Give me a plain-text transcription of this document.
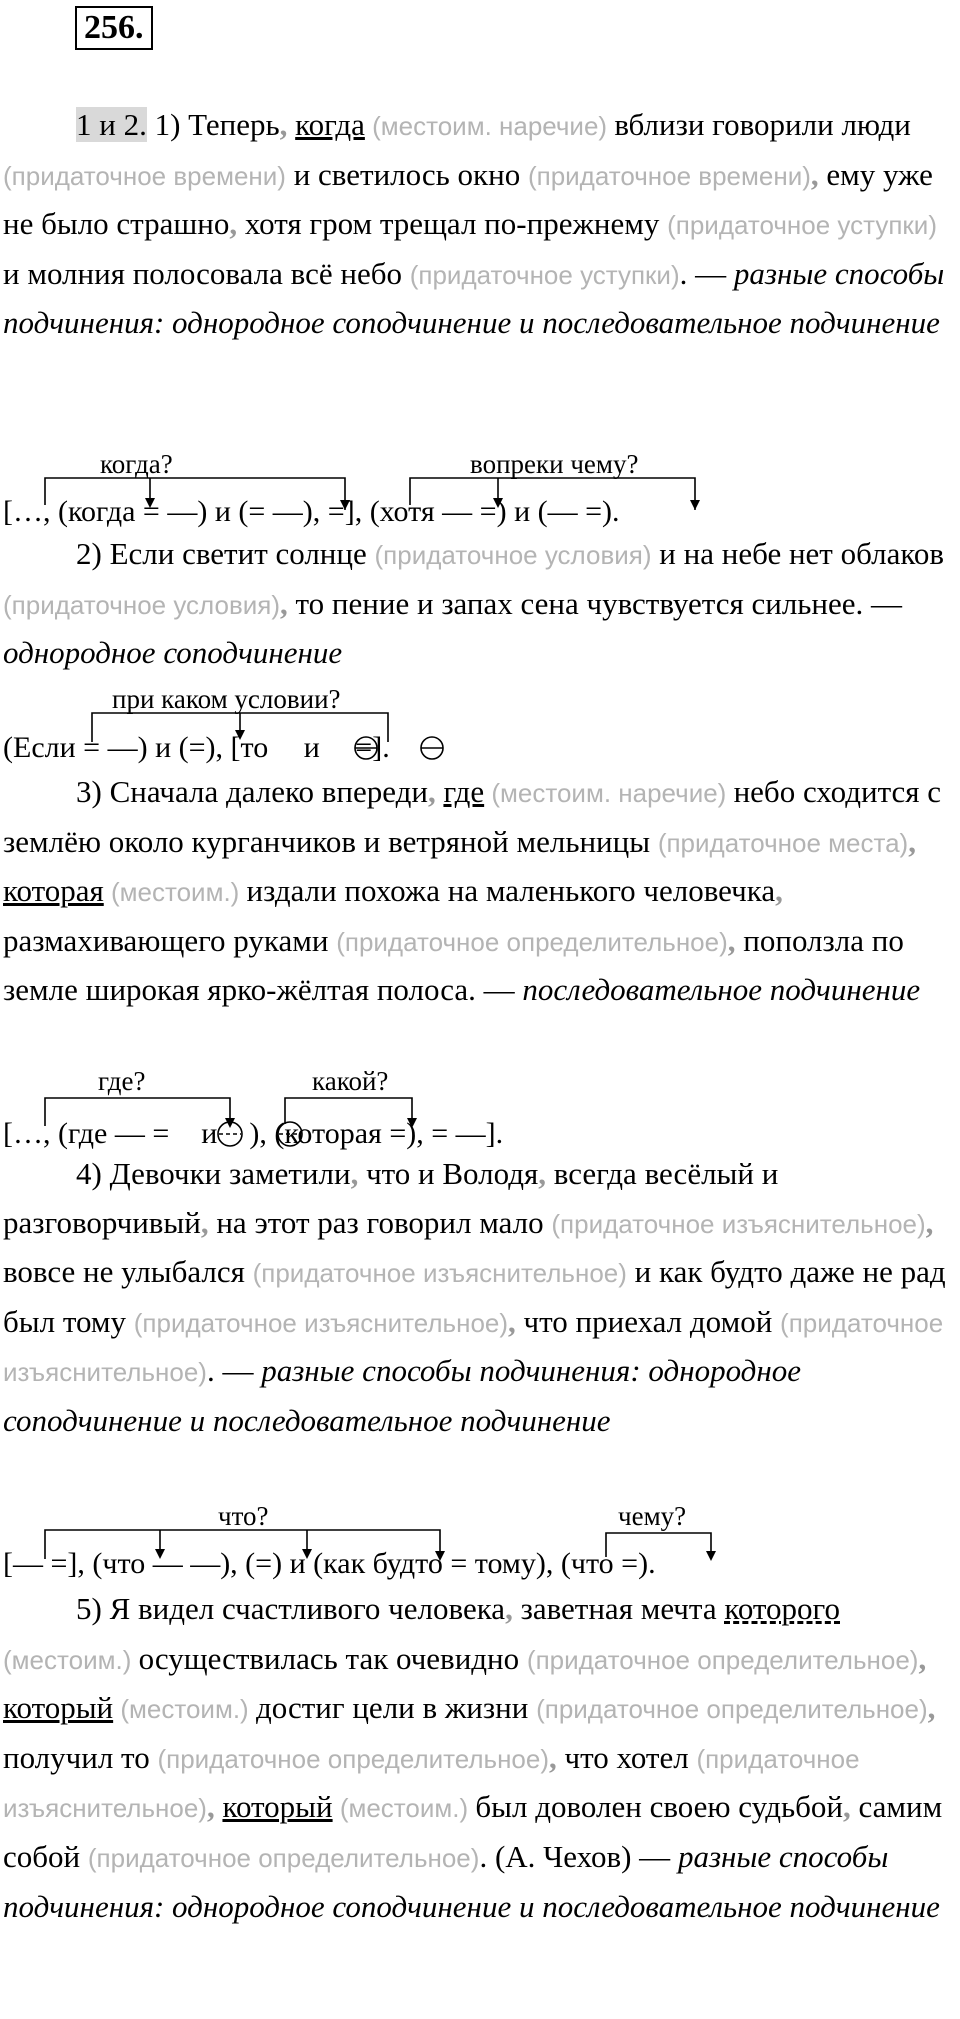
256.

1 и 2. 1) Теперь, когда (местоим. наречие) вблизи говорили люди (придаточное времени) и светилось окно (придаточное времени), ему уже не было страшно, хотя гром трещал по-прежнему (придаточное уступки) и молния полосовала всё небо (придаточное уступки). — разные способы подчинения: однородное соподчинение и последовательное подчинение

когда?	вопреки чему?
[…, (когда = —) и (= —), =], (хотя — =) и (— =).

2) Если светит солнце (придаточное условия) и на небе нет облаков (придаточное условия), то пение и запах сена чувствуется сильнее. — однородное соподчинение

при каком условии?
(Если = —) и (=), [то и =].

3) Сначала далеко впереди, где (местоим. наречие) небо сходится с землёю около курганчиков и ветряной мельницы (придаточное места), которая (местоим.) издали похожа на маленького человечка, размахивающего руками (придаточное определительное), поползла по земле широкая ярко-жёлтая полоса. — последовательное подчинение

где?	какой?
[…, (где — = и ), (которая =), = —].

4) Девочки заметили, что и Володя, всегда весёлый и разговорчивый, на этот раз говорил мало (придаточное изъяснительное), вовсе не улыбался (придаточное изъяснительное) и как будто даже не рад был тому (придаточное изъяснительное), что приехал домой (придаточное изъяснительное). — разные способы подчинения: однородное соподчинение и последовательное подчинение

что?	чему?
[— =], (что — —), (=) и (как будто = тому), (что =).

5) Я видел счастливого человека, заветная мечта которого (местоим.) осуществилась так очевидно (придаточное определительное), который (местоим.) достиг цели в жизни (придаточное определительное), получил то (придаточное определительное), что хотел (придаточное изъяснительное), который (местоим.) был доволен своею судьбой, самим собой (придаточное определительное). (А. Чехов) — разные способы подчинения: однородное соподчинение и последовательное подчинение
